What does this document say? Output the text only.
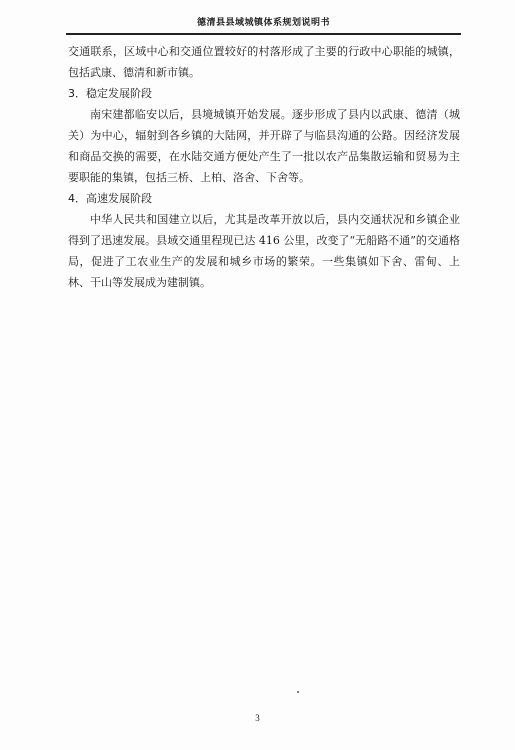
德清县县域城镇体系规划说明书

交通联系，区域中心和交通位置较好的村落形成了主要的行政中心职能的城镇，包括武康、德清和新市镇。

3．稳定发展阶段

南宋建都临安以后，县境城镇开始发展。逐步形成了县内以武康、德清（城关）为中心，辐射到各乡镇的大陆网，并开辟了与临县沟通的公路。因经济发展和商品交换的需要，在水陆交通方便处产生了一批以农产品集散运输和贸易为主要职能的集镇，包括三桥、上柏、洛舍、下舍等。

4．高速发展阶段

中华人民共和国建立以后，尤其是改革开放以后，县内交通状况和乡镇企业得到了迅速发展。县域交通里程现已达 416 公里，改变了“无船路不通”的交通格局，促进了工农业生产的发展和城乡市场的繁荣。一些集镇如下舍、雷甸、上林、干山等发展成为建制镇。

3
